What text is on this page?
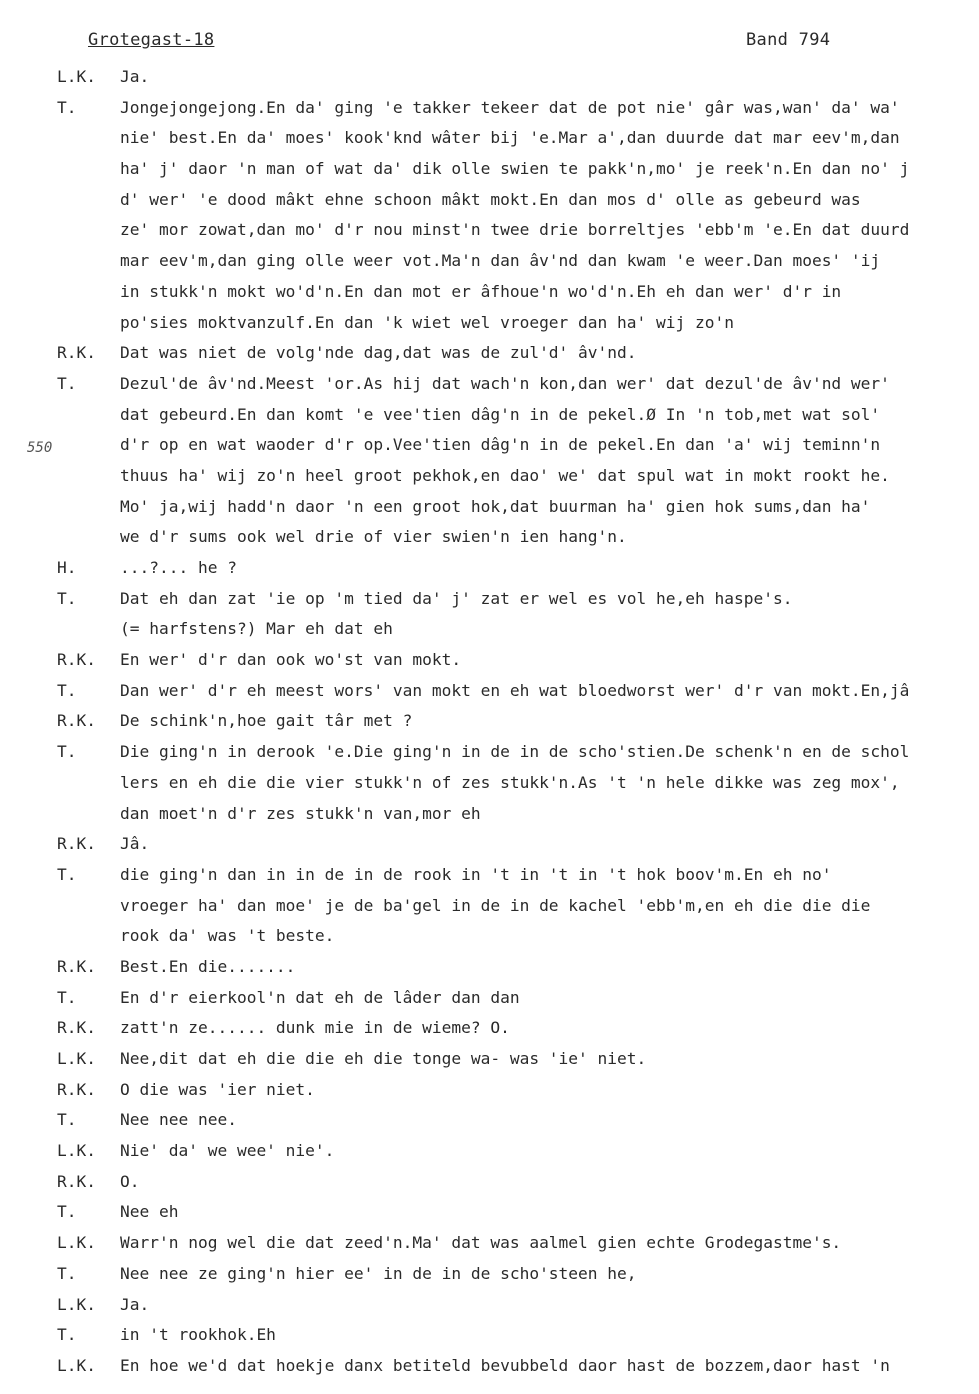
Grotegast-18	Band 794
550
L.K. Ja.
T.	Jongejongejong.En da' ging 'e takker tekeer dat de pot nie' gâr was,wan' da' wa'
nie' best.En da' moes' kook'knd wâter bij 'e.Mar a',dan duurde dat mar eev'm,dan
ha' j' daor 'n man of wat da' dik olle swien te pakk'n,mo' je reek'n.En dan no' j
d' wer' 'e dood mâkt ehne schoon mâkt mokt.En dan mos d' olle as gebeurd was
ze' mor zowat,dan mo' d'r nou minst'n twee drie borreltjes 'ebb'm 'e.En dat duurd
mar eev'm,dan ging olle weer vot.Ma'n dan âv'nd dan kwam 'e weer.Dan moes' 'ij
in stukk'n mokt wo'd'n.En dan mot er âfhoue'n wo'd'n.Eh eh dan wer' d'r in
po'sies moktvanzulf.En dan 'k wiet wel vroeger dan ha' wij zo'n
R.K. Dat was niet de volg'nde dag,dat was de zul'd' âv'nd.
T.	Dezul'de âv'nd.Meest 'or.As hij dat wach'n kon,dan wer' dat dezul'de âv'nd wer'
dat gebeurd.En dan komt 'e vee'tien dâg'n in de pekel.Ø In 'n tob,met wat sol'
d'r op en wat waoder d'r op.Vee'tien dâg'n in de pekel.En dan 'a' wij teminn'n
thuus ha' wij zo'n heel groot pekhok,en dao' we' dat spul wat in mokt rookt he.
Mo' ja,wij hadd'n daor 'n een groot hok,dat buurman ha' gien hok sums,dan ha'
we d'r sums ook wel drie of vier swien'n ien hang'n.
H.	...?... he ?
T.	Dat eh dan zat 'ie op 'm tied da' j' zat er wel es vol he,eh haspe's.
(= harfstens?) Mar eh dat eh
R.K. En wer' d'r dan ook wo'st van mokt.
T.	Dan wer' d'r eh meest wors' van mokt en eh wat bloedworst wer' d'r van mokt.En,jâ
R.K. De schink'n,hoe gait târ met ?
T.	Die ging'n in derook 'e.Die ging'n in de in de scho'stien.De schenk'n en de schol
lers en eh die die vier stukk'n of zes stukk'n.As 't 'n hele dikke was zeg mox',
dan moet'n d'r zes stukk'n van,mor eh
R.K. Jâ.
T.	die ging'n dan in in de in de rook in 't in 't in 't hok boov'm.En eh no'
vroeger ha' dan moe' je de ba'gel in de in de kachel 'ebb'm,en eh die die die
rook da' was 't beste.
R.K. Best.En die.......
T.	En d'r eierkool'n dat eh de lâder dan dan
R.K. zatt'n ze...... dunk mie in de wieme? O.
L.K. Nee,dit dat eh die die eh die tonge wa- was 'ie' niet.
R.K. O die was 'ier niet.
T.	Nee nee nee.
L.K. Nie' da' we wee' nie'.
R.K. O.
T.	Nee eh
L.K. Warr'n nog wel die dat zeed'n.Ma' dat was aalmel gien echte Grodegastme's.
T.	Nee nee ze ging'n hier ee' in de in de scho'steen he,
L.K. Ja.
T.	in 't rookhok.Eh
L.K. En hoe we'd dat hoekje danx betiteld bevubbeld daor hast de bozzem,daor hast 'n
